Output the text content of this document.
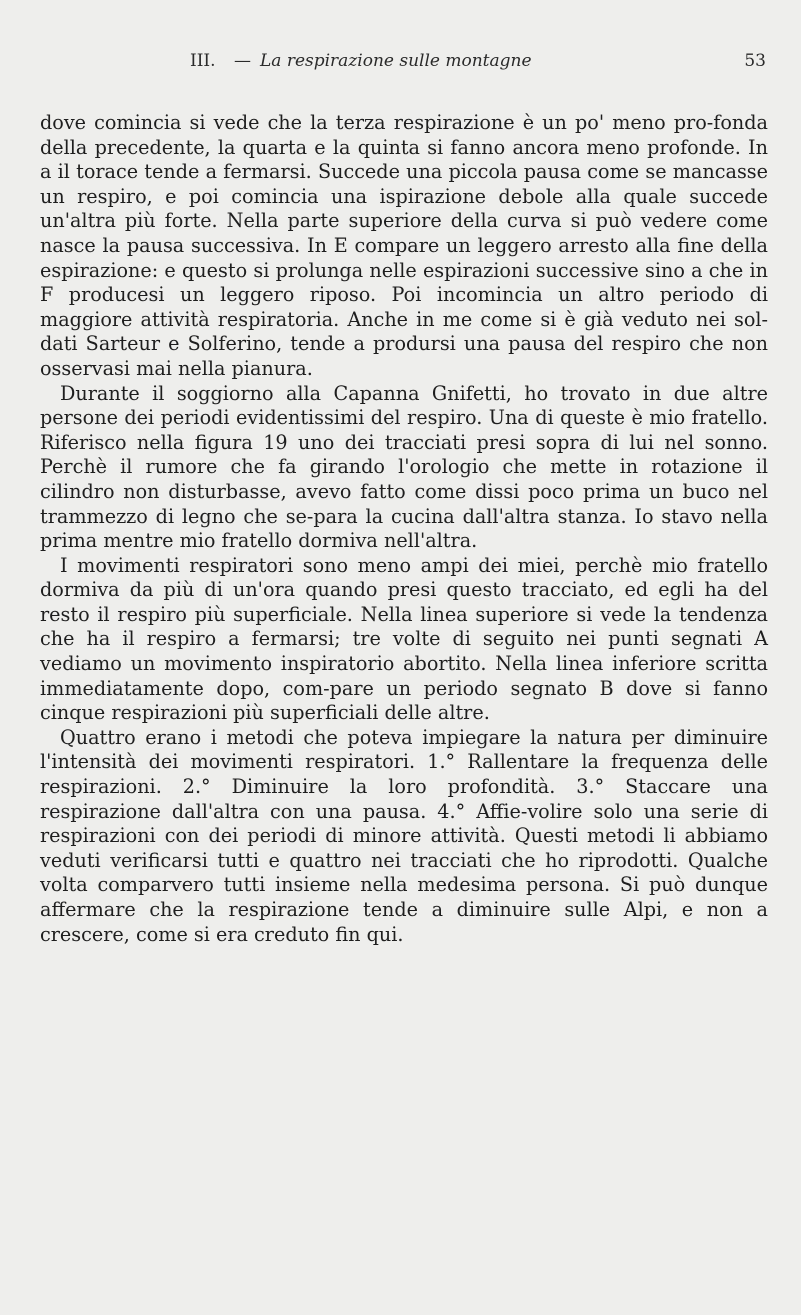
III. — La respirazione sulle montagne	53

dove comincia si vede che la terza respirazione è un po' meno pro-fonda della precedente, la quarta e la quinta si fanno ancora meno profonde. In a il torace tende a fermarsi. Succede una piccola pausa come se mancasse un respiro, e poi comincia una ispirazione debole alla quale succede un'altra più forte. Nella parte superiore della curva si può vedere come nasce la pausa successiva. In E compare un leggero arresto alla fine della espirazione: e questo si prolunga nelle espirazioni successive sino a che in F producesi un leggero riposo. Poi incomincia un altro periodo di maggiore attività respiratoria. Anche in me come si è già veduto nei sol-dati Sarteur e Solferino, tende a prodursi una pausa del respiro che non osservasi mai nella pianura.

Durante il soggiorno alla Capanna Gnifetti, ho trovato in due altre persone dei periodi evidentissimi del respiro. Una di queste è mio fratello. Riferisco nella figura 19 uno dei tracciati presi sopra di lui nel sonno. Perchè il rumore che fa girando l'orologio che mette in rotazione il cilindro non disturbasse, avevo fatto come dissi poco prima un buco nel trammezzo di legno che se-para la cucina dall'altra stanza. Io stavo nella prima mentre mio fratello dormiva nell'altra.

I movimenti respiratori sono meno ampi dei miei, perchè mio fratello dormiva da più di un'ora quando presi questo tracciato, ed egli ha del resto il respiro più superficiale. Nella linea superiore si vede la tendenza che ha il respiro a fermarsi; tre volte di seguito nei punti segnati A vediamo un movimento inspiratorio abortito. Nella linea inferiore scritta immediatamente dopo, com-pare un periodo segnato B dove si fanno cinque respirazioni più superficiali delle altre.

Quattro erano i metodi che poteva impiegare la natura per diminuire l'intensità dei movimenti respiratori. 1.° Rallentare la frequenza delle respirazioni. 2.° Diminuire la loro profondità. 3.° Staccare una respirazione dall'altra con una pausa. 4.° Affie-volire solo una serie di respirazioni con dei periodi di minore attività. Questi metodi li abbiamo veduti verificarsi tutti e quattro nei tracciati che ho riprodotti. Qualche volta comparvero tutti insieme nella medesima persona. Si può dunque affermare che la respirazione tende a diminuire sulle Alpi, e non a crescere, come si era creduto fin qui.
